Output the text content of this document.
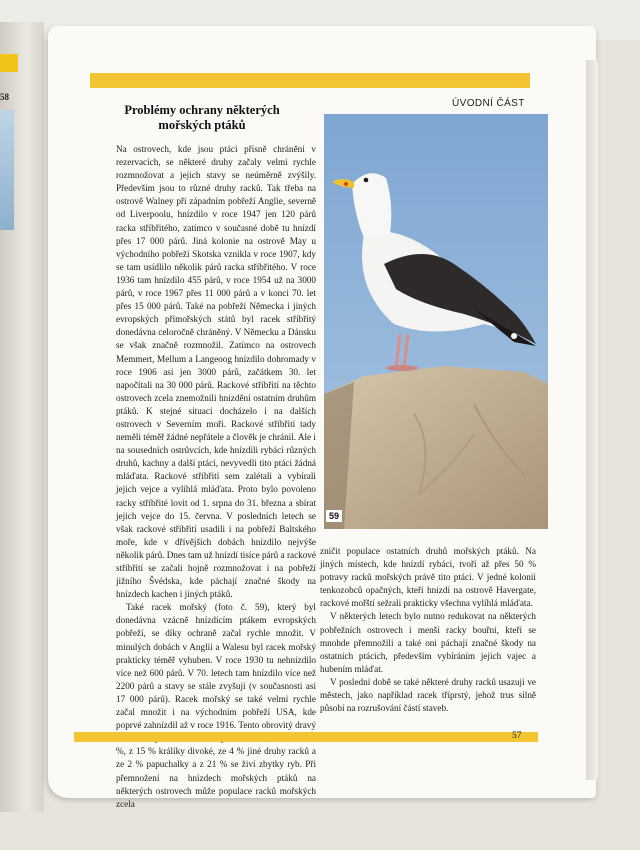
58
ÚVODNÍ ČÁST
Problémy ochrany některých mořských ptáků

Na ostrovech, kde jsou ptáci přísně chráněni v rezervacích, se některé druhy začaly velmi rychle rozmnožovat a jejich stavy se neúměrně zvýšily. Především jsou to různé druhy racků. Tak třeba na ostrově Walney při západním pobřeží Anglie, severně od Liverpoolu, hnízdilo v roce 1947 jen 120 párů racka stříbřitého, zatímco v současné době tu hnízdí přes 17 000 párů. Jiná kolonie na ostrově May u východního pobřeží Skotska vznikla v roce 1907, kdy se tam usídlilo několik párů racka stříbřitého. V roce 1936 tam hnízdilo 455 párů, v roce 1954 už na 3000 párů, v roce 1967 přes 11 000 párů a v konci 70. let přes 15 000 párů. Také na pobřeží Německa i jiných evropských přímořských států byl racek stříbřitý donedávna celoročně chráněný. V Německu a Dánsku se však značně rozmnožil. Zatímco na ostrovech Memmert, Mellum a Langeoog hnízdilo dohromady v roce 1906 asi jen 3000 párů, začátkem 30. let napočítali na 30 000 párů. Rackové stříbřití na těchto ostrovech zcela znemožnili hnízdění ostatním druhům ptáků. K stejné situaci docházelo i na dalších ostrovech v Severním moři. Rackové stříbřití tady neměli téměř žádné nepřátele a člověk je chránil. Ale i na sousedních ostrůvcích, kde hnízdili rybáci různých druhů, kachny a další ptáci, nevyvedli tito ptáci žádná mláďata. Rackové stříbřití sem zalétali a vybírali jejich vejce a vylíhlá mláďata. Proto bylo povoleno racky stříbřité lovit od 1. srpna do 31. března a sbírat jejich vejce do 15. června. V posledních letech se však rackové stříbřití usadili i na pobřeží Baltského moře, kde v dřívějších dobách hnízdilo nejvýše několik párů. Dnes tam už hnízdí tisíce párů a rackové stříbřití se začali hojně rozmnožovat i na pobřeží jižního Švédska, kde páchají značné škody na hnízdech kachen i jiných ptáků.

Také racek mořský (foto č. 59), který byl donedávna vzácně hnízdícím ptákem evropských pobřeží, se díky ochraně začal rychle množit. V minulých dobách v Anglii a Walesu byl racek mořský prakticky téměř vyhuben. V roce 1930 tu nehnízdilo více než 600 párů. V 70. letech tam hnízdilo více než 2200 párů a stavy se stále zvyšují (v současnosti asi 17 000 párů). Racek mořský se také velmi rychle začal množit i na východním pobřeží USA, kde poprvé zahnízdil až v roce 1916. Tento obrovitý dravý %, z 15 % králíky divoké, ze 4 % jiné druhy racků a ze 2 % papuchalky a z 21 % se živí zbytky ryb. Při přemnožení na hnízdech mořských ptáků na některých ostrovech může populace racků mořských zcela

59

zničit populace ostatních druhů mořských ptáků. Na jiných místech, kde hnízdí rybáci, tvoří až přes 50 % potravy racků mořských právě tito ptáci. V jedné kolonii tenkozobců opačných, kteří hnízdí na ostrově Havergate, rackové mořští sežrali prakticky všechna vylíhlá mláďata.

V některých letech bylo nutno redukovat na některých pobřežních ostrovech i menší racky bouřní, kteří se mnohde přemnožili a také oni páchají značné škody na ostatních ptácích, především vybíráním jejich vajec a hubením mláďat.

V poslední době se také některé druhy racků usazují ve městech, jako například racek tříprstý, jehož trus silně působí na rozrušování částí staveb.

57
